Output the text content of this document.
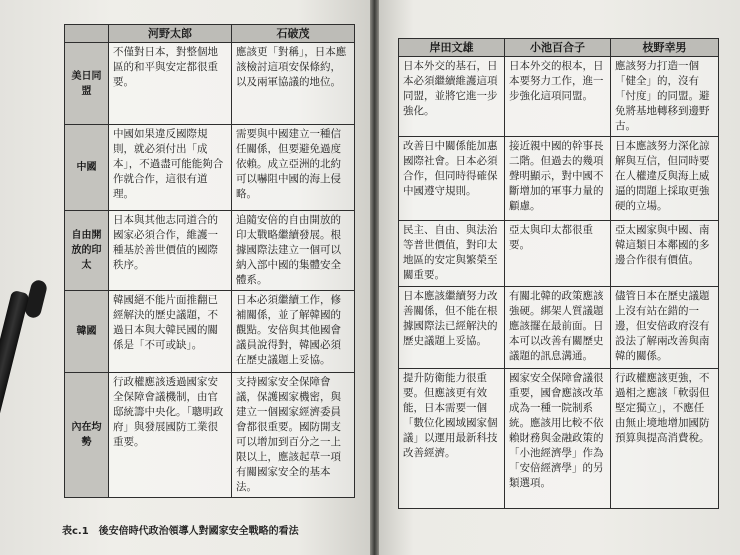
	河野太郎	石破茂
美日同盟	不僅對日本，對整個地區的和平與安定都很重要。	應該更「對稱」，日本應該檢討這項安保條約，以及兩軍協議的地位。
中國	中國如果違反國際規則，就必須付出「成本」，不過盡可能能夠合作就合作，這很有道理。	需要與中國建立一種信任關係，但要避免過度依賴。成立亞洲的北約可以嚇阻中國的海上侵略。
自由開放的印太	日本與其他志同道合的國家必須合作，維護一種基於善世價值的國際秩序。	追隨安倍的自由開放的印太戰略繼續發展。根據國際法建立一個可以納入部中國的集體安全體系。
韓國	韓國絕不能片面推翻已經解決的歷史議題，不過日本與大韓民國的關係是「不可或缺」。	日本必須繼續工作，修補關係，並了解韓國的觀點。安倍與其他國會議員說得對，韓國必須在歷史議題上妥協。
內在均勢	行政權應該透過國家安全保障會議機制，由官邸統籌中央化。「聰明政府」與發展國防工業很重要。	支持國家安全保障會議，保護國家機密，與建立一個國家經濟委員會都很重要。國防開支可以增加到百分之一上限以上，應該起草一項有關國家安全的基本法。
表c.1　後安倍時代政治領導人對國家安全戰略的看法
岸田文雄	小池百合子	枝野幸男
日本外交的基石，日本必須繼續維護這項同盟，並將它進一步強化。	日本外交的根本，日本要努力工作，進一步強化這項同盟。	應該努力打造一個「健全」的，沒有「忖度」的同盟。避免將基地轉移到邊野古。
改善日中關係能加惠國際社會。日本必須合作，但同時得確保中國遵守規則。	接近親中國的幹事長二階。但過去的幾項聲明顯示，對中國不斷增加的軍事力量的顧慮。	日本應該努力深化諒解與互信，但同時要在人權違反與海上威逼的問題上採取更強硬的立場。
民主、自由、與法治等普世價值，對印太地區的安定與繁榮至關重要。	亞太與印太都很重要。	亞太國家與中國、南韓這類日本鄰國的多邊合作很有價值。
日本應該繼續努力改善關係，但不能在根據國際法已經解決的歷史議題上妥協。	有關北韓的政策應該強硬。綁架人質議題應該擺在最前面。日本可以改善有關歷史議題的訊息溝通。	儘管日本在歷史議題上沒有站在錯的一邊，但安倍政府沒有設法了解兩改善與南韓的關係。
提升防衛能力很重要。但應該更有效能，日本需要一個「數位化國域國家個議」以運用最新科技改善經濟。	國家安全保障會議很重要，國會應該改革成為一種一院制系統。應該用比較不依賴財務與金融政策的「小池經濟學」作為「安倍經濟學」的另類選項。	行政權應該更強，不過相之應該「軟弱但堅定獨立」，不應任由無止境地增加國防預算與提高消費稅。
